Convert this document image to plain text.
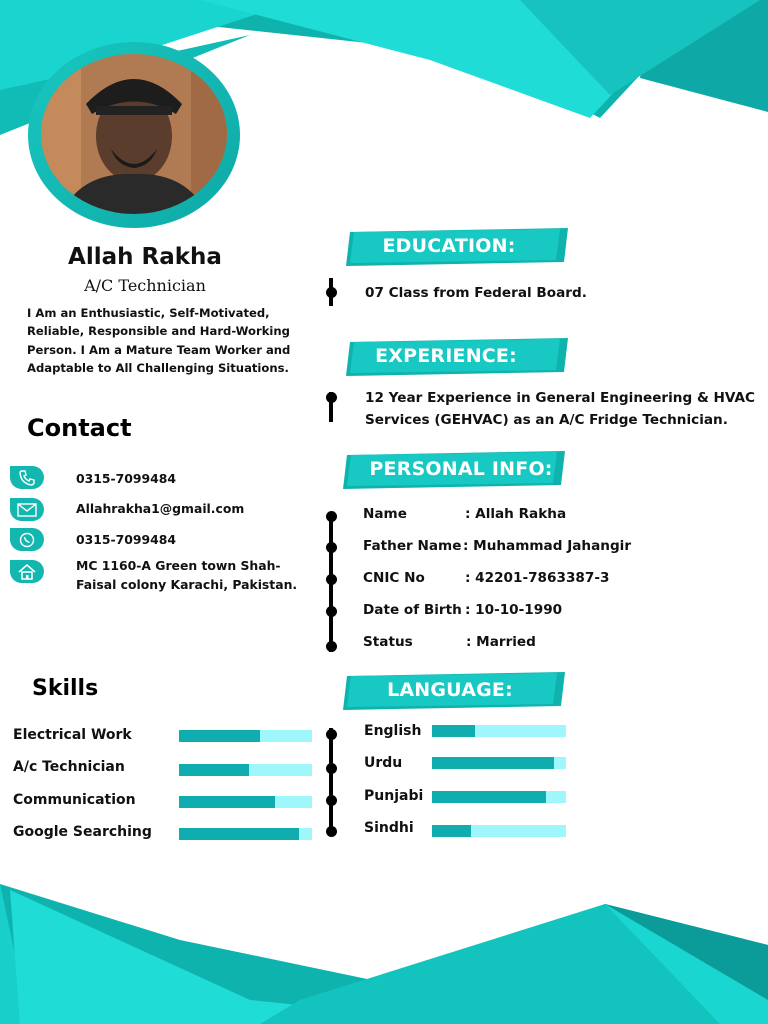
Allah Rakha
A/C Technician
I Am an Enthusiastic, Self-Motivated, Reliable, Responsible and Hard-Working Person. I Am a Mature Team Worker and Adaptable to All Challenging Situations.
Contact
0315-7099484
Allahrakha1@gmail.com
0315-7099484
MC 1160-A Green town Shah-Faisal colony Karachi, Pakistan.
Skills
Electrical Work
A/c Technician
Communication
Google Searching
EDUCATION:
EXPERIENCE:
PERSONAL INFO:
LANGUAGE:
07 Class from Federal Board.
12 Year Experience in General Engineering & HVAC Services (GEHVAC) as an A/C Fridge Technician.
Name	: Allah Rakha
Father Name : Muhammad Jahangir
CNIC No	: 42201-7863387-3
Date of Birth : 10-10-1990
Status	: Married
English
Urdu
Punjabi
Sindhi
